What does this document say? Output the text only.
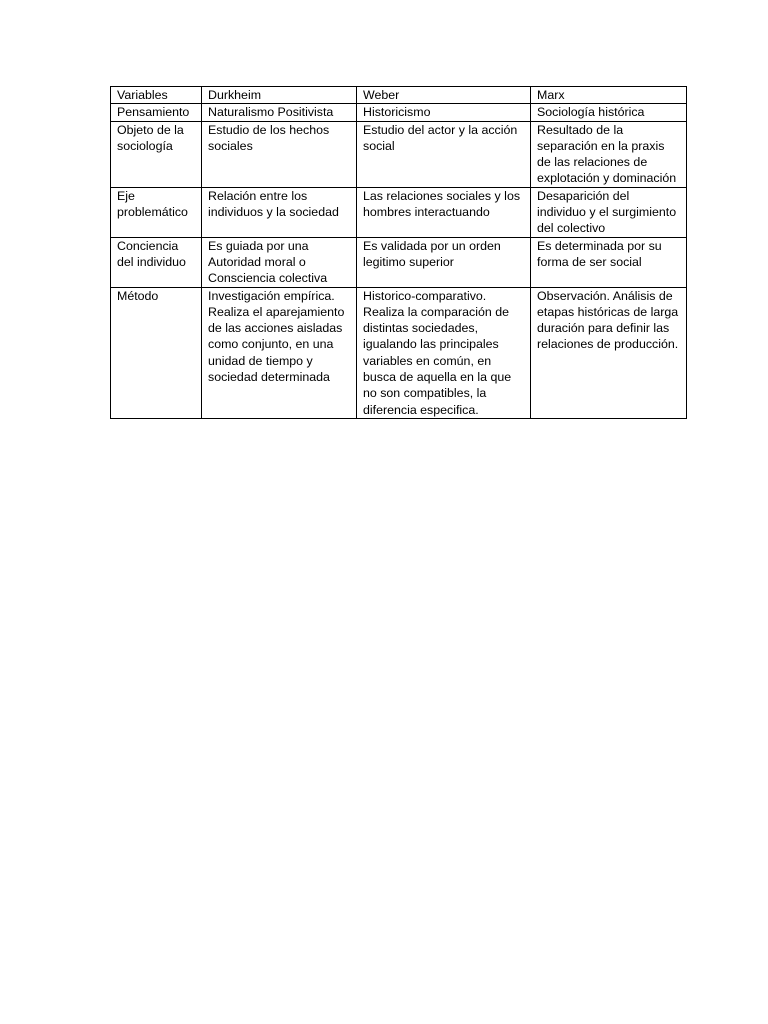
Variables	Durkheim	Weber	Marx
Pensamiento	Naturalismo Positivista	Historicismo	Sociología histórica
Objeto de la sociología	Estudio de los hechos sociales	Estudio del actor y la acción social	Resultado de la separación en la praxis de las relaciones de explotación y dominación
Eje problemático	Relación entre los individuos y la sociedad	Las relaciones sociales y los hombres interactuando	Desaparición del individuo y el surgimiento del colectivo
Conciencia del individuo	Es guiada por una Autoridad moral o Consciencia colectiva	Es validada por un orden legitimo superior	Es determinada por su forma de ser social
Método	Investigación empírica. Realiza el aparejamiento de las acciones aisladas como conjunto, en una unidad de tiempo y sociedad determinada	Historico-comparativo. Realiza la comparación de distintas sociedades, igualando las principales variables en común, en busca de aquella en la que no son compatibles, la diferencia especifica.	Observación. Análisis de etapas históricas de larga duración para definir las relaciones de producción.
